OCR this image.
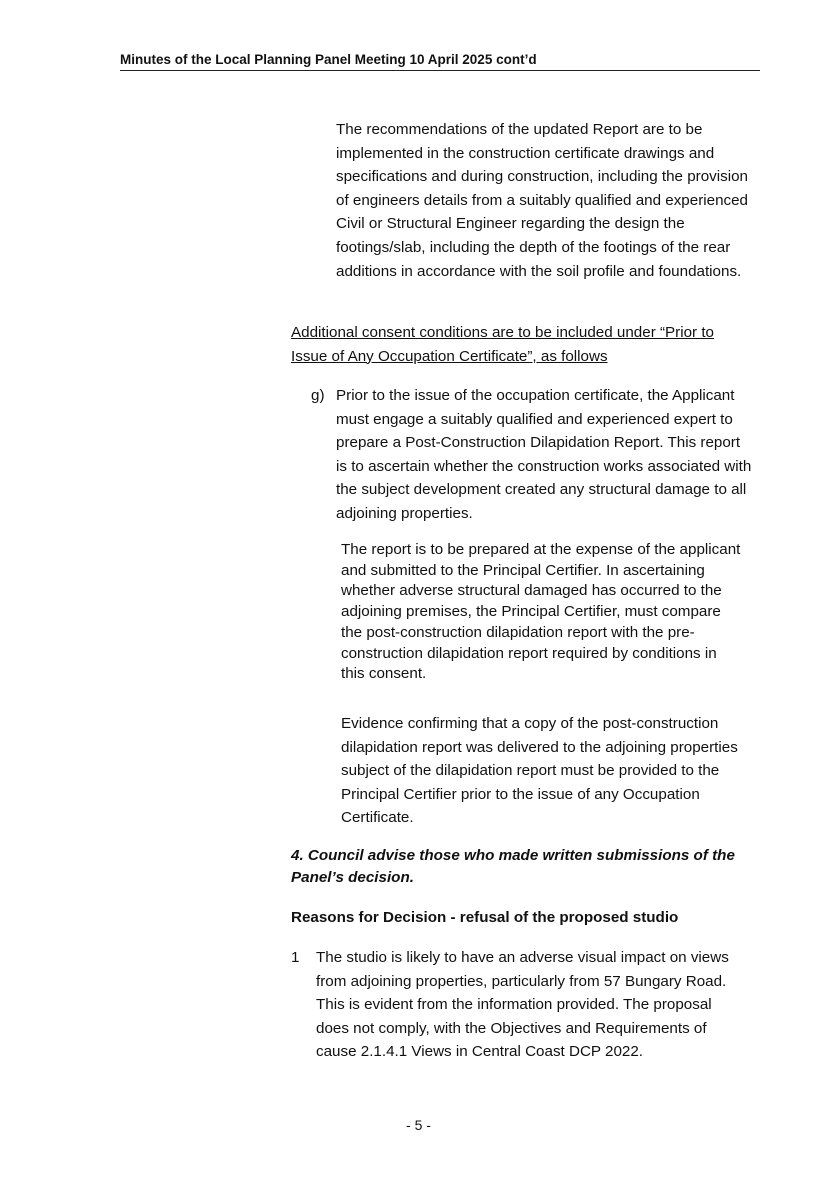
Minutes of the Local Planning Panel Meeting 10 April 2025 cont’d

The recommendations of the updated Report are to be implemented in the construction certificate drawings and specifications and during construction, including the provision of engineers details from a suitably qualified and experienced Civil or Structural Engineer regarding the design the footings/slab, including the depth of the footings of the rear additions in accordance with the soil profile and foundations.

Additional consent conditions are to be included under “Prior to Issue of Any Occupation Certificate”, as follows

g) Prior to the issue of the occupation certificate, the Applicant must engage a suitably qualified and experienced expert to prepare a Post-Construction Dilapidation Report. This report is to ascertain whether the construction works associated with the subject development created any structural damage to all adjoining properties.

The report is to be prepared at the expense of the applicant and submitted to the Principal Certifier. In ascertaining whether adverse structural damaged has occurred to the adjoining premises, the Principal Certifier, must compare the post-construction dilapidation report with the pre- construction dilapidation report required by conditions in this consent.

Evidence confirming that a copy of the post-construction dilapidation report was delivered to the adjoining properties subject of the dilapidation report must be provided to the Principal Certifier prior to the issue of any Occupation Certificate.

4. Council advise those who made written submissions of the Panel’s decision.

Reasons for Decision - refusal of the proposed studio

1 The studio is likely to have an adverse visual impact on views from adjoining properties, particularly from 57 Bungary Road. This is evident from the information provided. The proposal does not comply, with the Objectives and Requirements of cause 2.1.4.1 Views in Central Coast DCP 2022.

- 5 -
